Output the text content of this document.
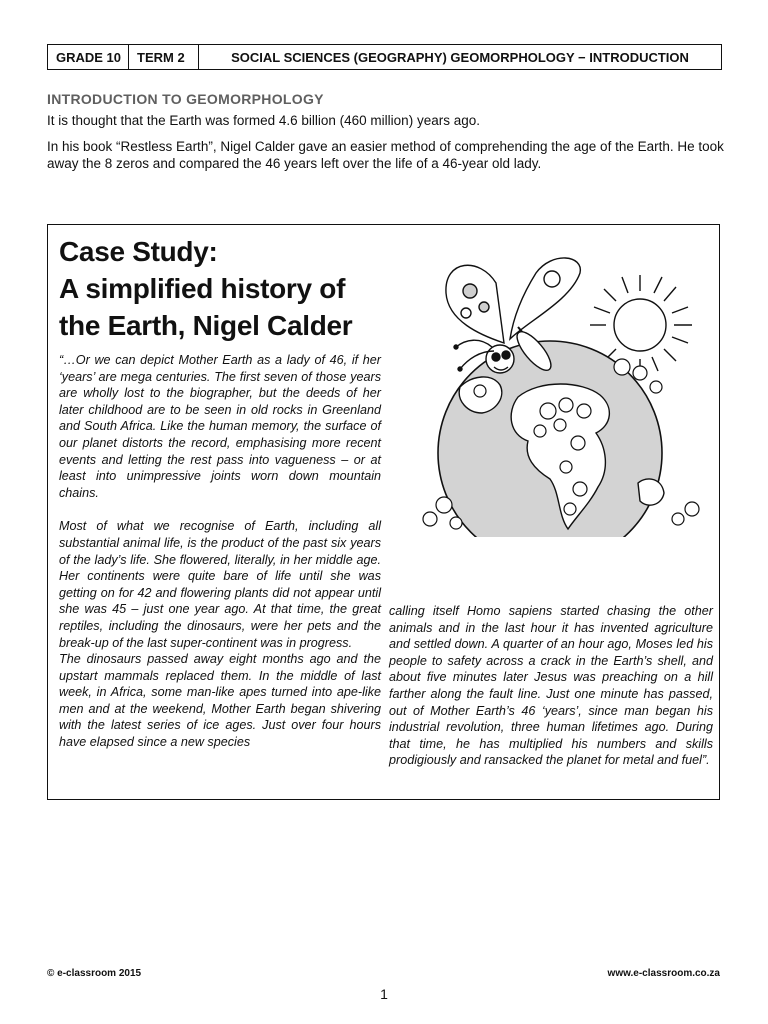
GRADE 10	TERM 2	SOCIAL SCIENCES (GEOGRAPHY) GEOMORPHOLOGY − INTRODUCTION
INTRODUCTION TO GEOMORPHOLOGY

It is thought that the Earth was formed 4.6 billion (460 million) years ago.

In his book “Restless Earth”, Nigel Calder gave an easier method of comprehending the age of the Earth. He took away the 8 zeros and compared the 46 years left over the life of a 46-year old lady.

Case Study:
A simplified history of
the Earth, Nigel Calder

“…Or we can depict Mother Earth as a lady of 46, if her ‘years’ are mega centuries. The first seven of those years are wholly lost to the biographer, but the deeds of her later childhood are to be seen in old rocks in Greenland and South Africa. Like the human memory, the surface of our planet distorts the record, emphasising more recent events and letting the rest pass into vagueness – or at least into unimpressive joints worn down mountain chains.

Most of what we recognise of Earth, including all substantial animal life, is the product of the past six years of the lady’s life. She flowered, literally, in her middle age. Her continents were quite bare of life until she was getting on for 42 and flowering plants did not appear until she was 45 – just one year ago. At that time, the great reptiles, including the dinosaurs, were her pets and the break-up of the last super-continent was in progress.

The dinosaurs passed away eight months ago and the upstart mammals replaced them. In the middle of last week, in Africa, some man-like apes turned into ape-like men and at the weekend, Mother Earth began shivering with the latest series of ice ages. Just over four hours have elapsed since a new species

calling itself Homo sapiens started chasing the other animals and in the last hour it has invented agriculture and settled down. A quarter of an hour ago, Moses led his people to safety across a crack in the Earth’s shell, and about five minutes later Jesus was preaching on a hill farther along the fault line. Just one minute has passed, out of Mother Earth’s 46 ‘years’, since man began his industrial revolution, three human lifetimes ago. During that time, he has multiplied his numbers and skills prodigiously and ransacked the planet for metal and fuel”.

© e-classroom 2015	www.e-classroom.co.za
1
